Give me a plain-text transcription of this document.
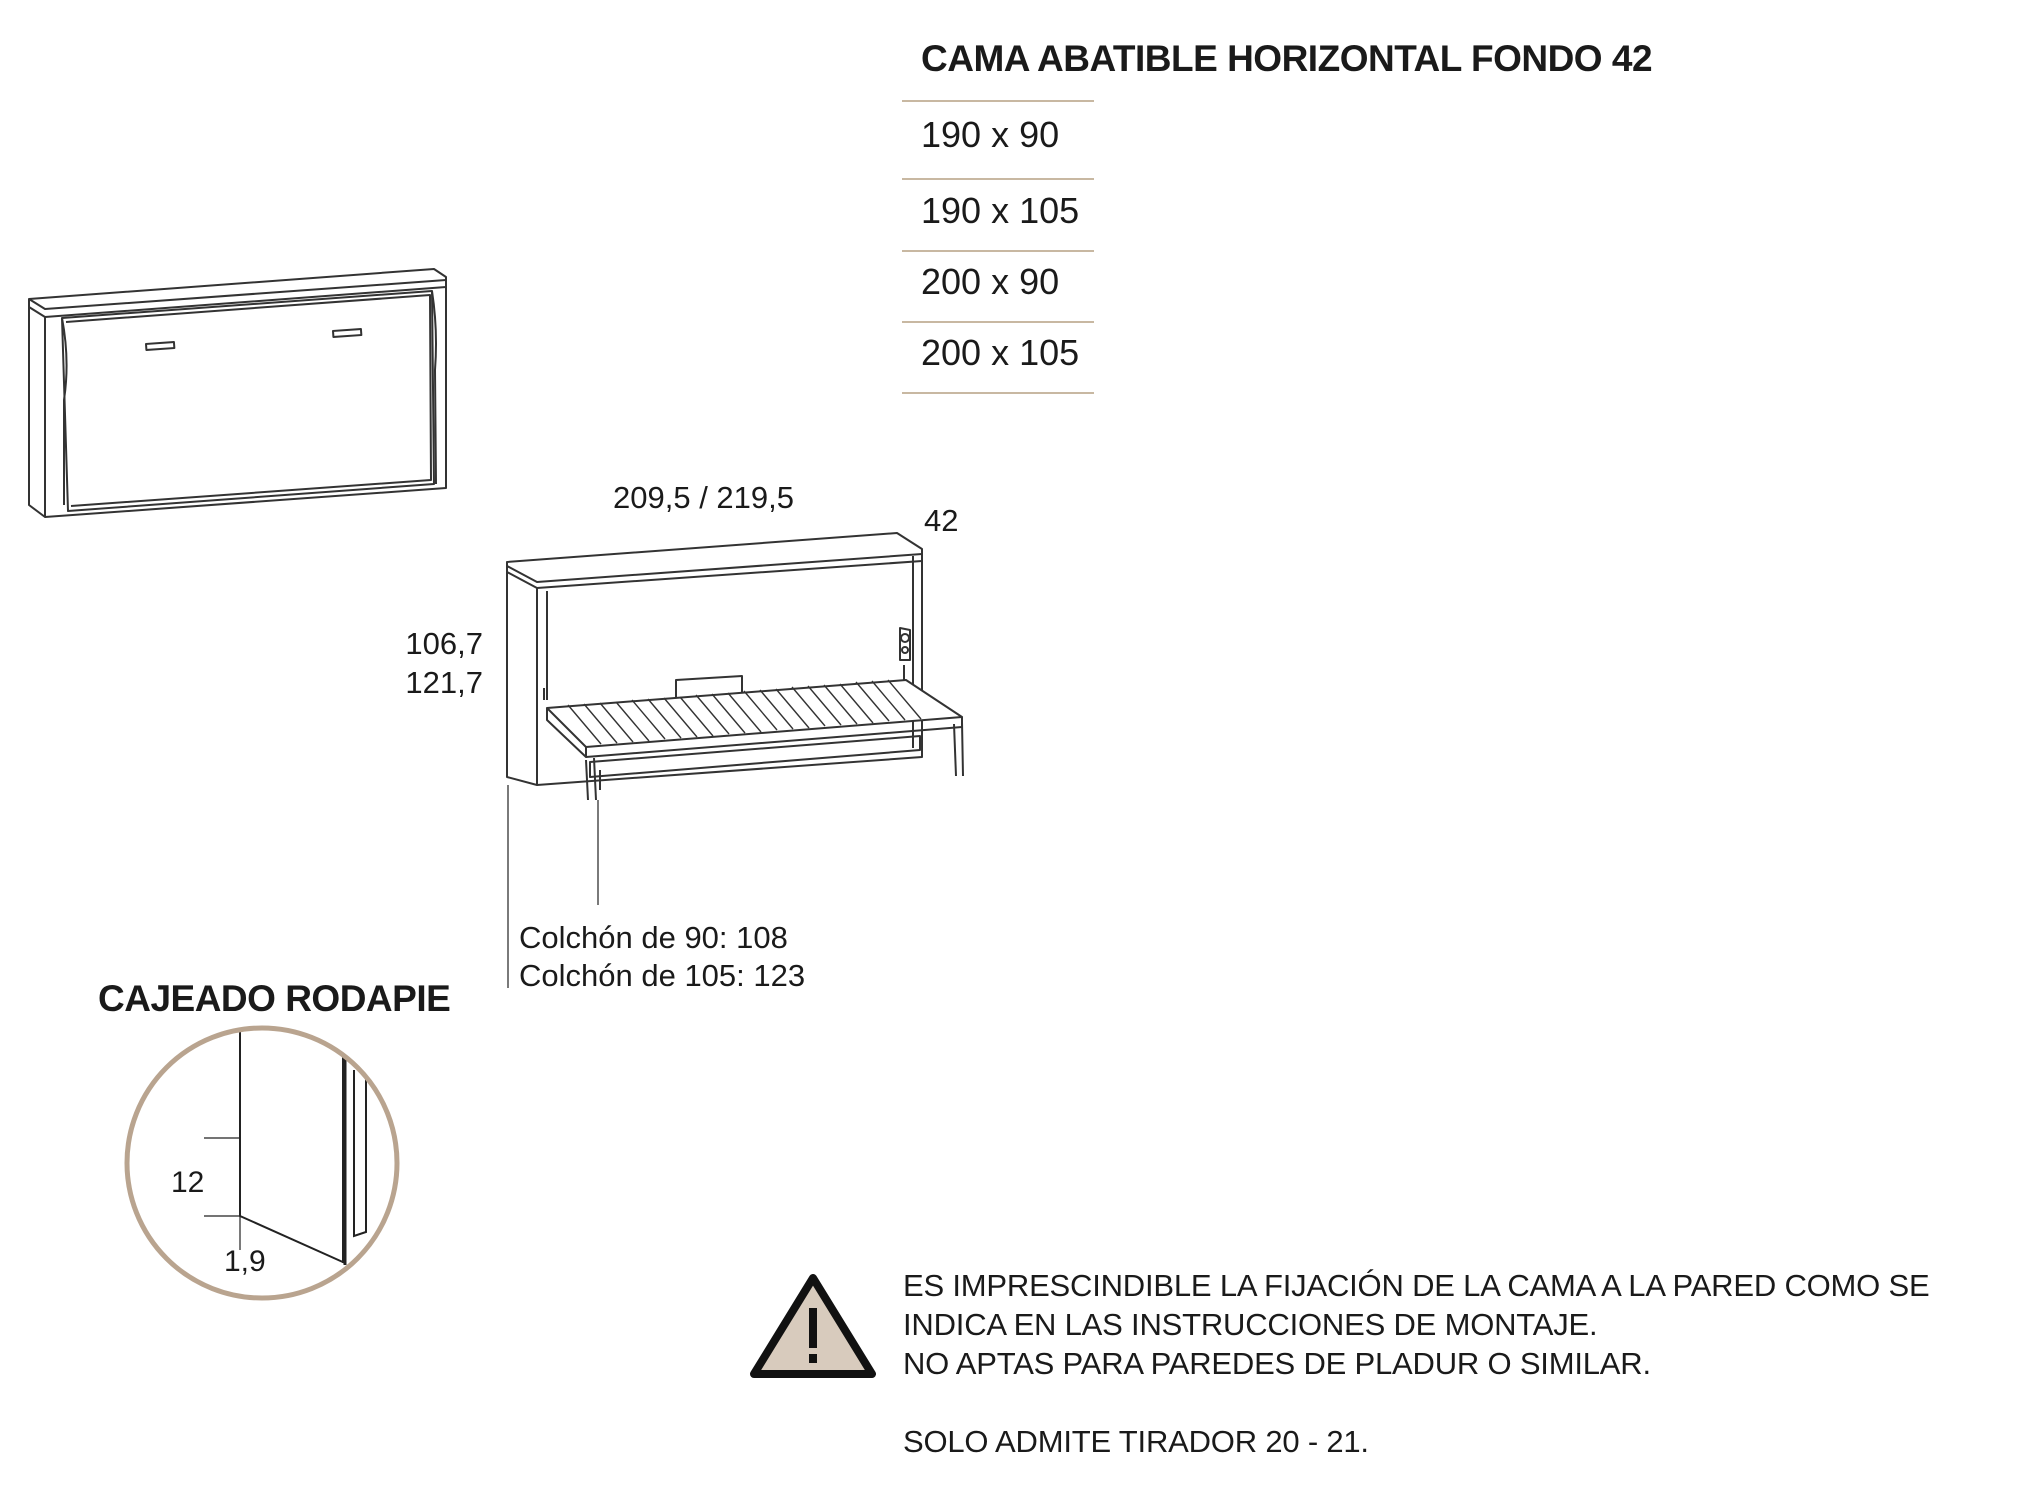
CAMA ABATIBLE HORIZONTAL FONDO 42
190 x 90
190 x 105
200 x 90
200 x 105
209,5 / 219,5
42
106,7
121,7
Colchón de 90: 108
Colchón de 105: 123
CAJEADO RODAPIE
12
1,9
ES IMPRESCINDIBLE LA FIJACIÓN DE LA CAMA A LA PARED COMO SE
INDICA EN LAS INSTRUCCIONES DE MONTAJE.
NO APTAS PARA PAREDES DE PLADUR O SIMILAR.
SOLO ADMITE TIRADOR 20 - 21.
